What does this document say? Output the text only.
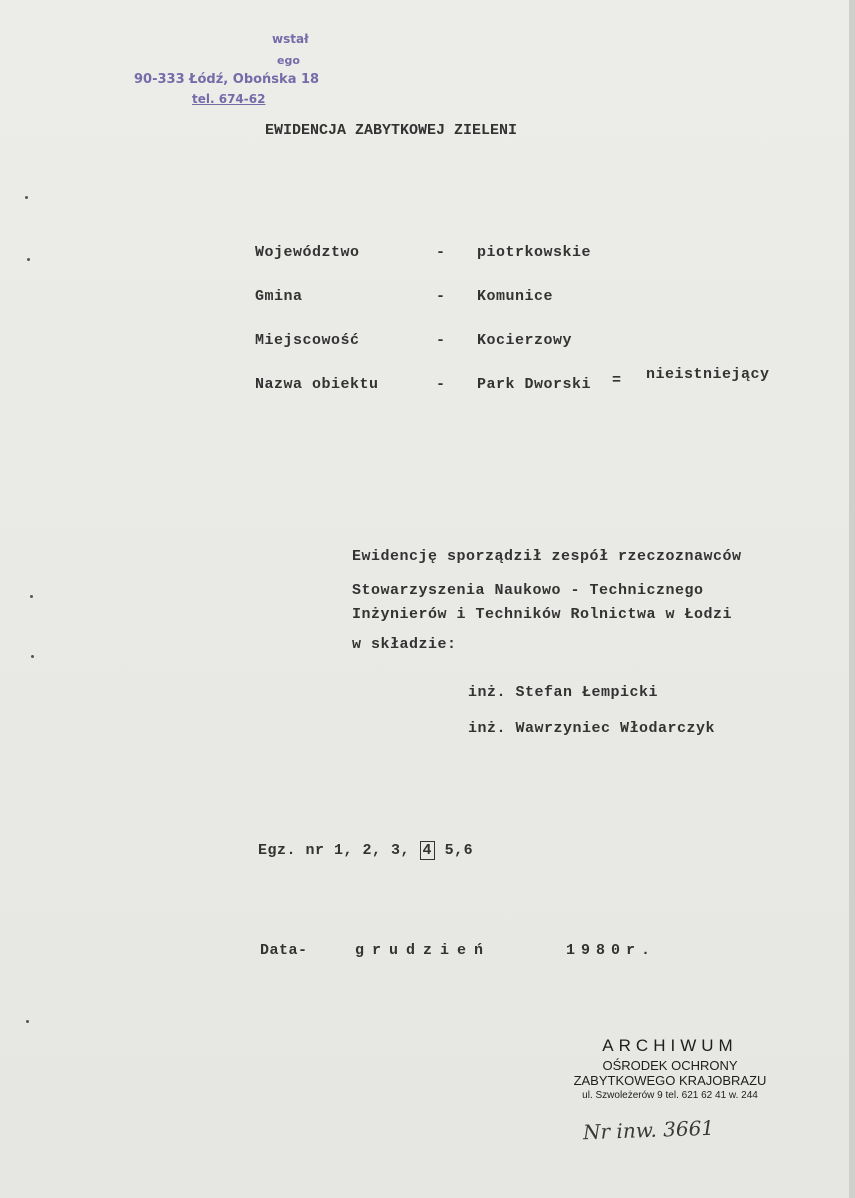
wstał
ego
90-333 Łódź, Obońska 18
tel. 674-62
EWIDENCJA ZABYTKOWEJ ZIELENI
Województwo	- piotrkowskie
Gmina	- Komunice
Miejscowość	- Kocierzowy
Nazwa obiektu	- Park Dworski = nieistniejący
Ewidencję sporządził zespół rzeczoznawców
Stowarzyszenia Naukowo - Technicznego
Inżynierów i Techników Rolnictwa w Łodzi
w składzie:
inż. Stefan Łempicki
inż. Wawrzyniec Włodarczyk
Egz. nr 1, 2, 3, 4 5,6
Data-	grudzień	1980r.
ARCHIWUM
OŚRODEK OCHRONY
ZABYTKOWEGO KRAJOBRAZU
ul. Szwoleżerów 9 tel. 621 62 41 w. 244
Nr inw. 3661
